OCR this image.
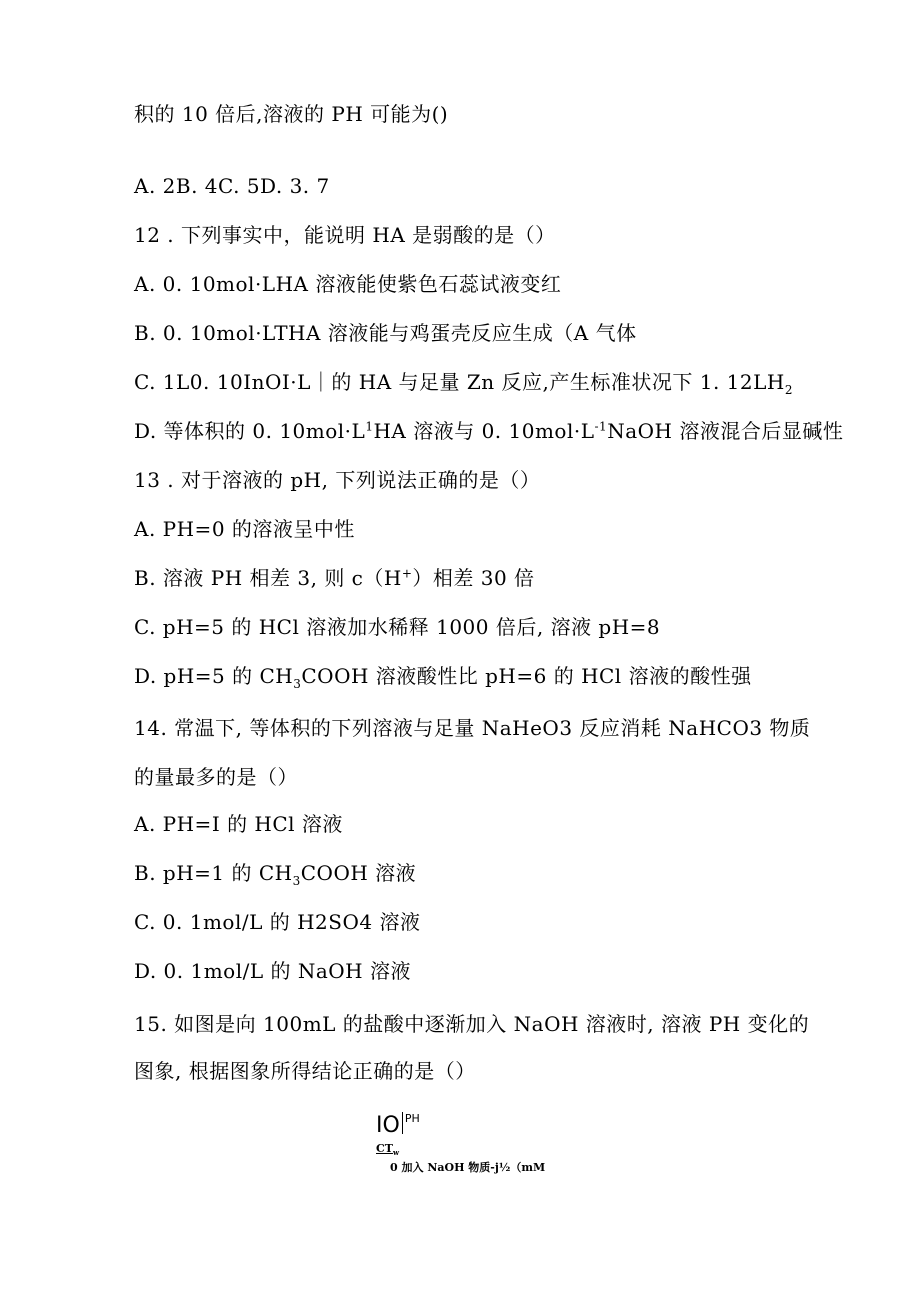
积的 10 倍后,溶液的 PH 可能为()
A. 2B. 4C. 5D. 3. 7
12 . 下列事实中，能说明 HA 是弱酸的是（）
A. 0. 10mol·LHA 溶液能使紫色石蕊试液变红
B. 0. 10mol·LTHA 溶液能与鸡蛋壳反应生成（A 气体
C. 1L0. 10InOI·L｜的 HA 与足量 Zn 反应,产生标准状况下 1. $12LH_2$
D. 等体积的 0. $10mol\cdot L^1HA$ 溶液与 0. $10mol\cdot L^{-1}NaOH$ 溶液混合后显碱性
13 . 对于溶液的 pH, 下列说法正确的是（）
A. PH=0 的溶液呈中性
B. 溶液 PH 相差 3, 则 c（H+）相差 30 倍
C. pH=5 的 HCl 溶液加水稀释 1000 倍后, 溶液 pH=8
D. pH=5 的 $CH_3COOH$ 溶液酸性比 pH=6 的 HCl 溶液的酸性强
14. 常温下, 等体积的下列溶液与足量 NaHeO3 反应消耗 NaHCO3 物质
的量最多的是（）
A. PH=I 的 HCl 溶液
B. pH=1 的 $CH_3COOH$ 溶液
C. 0. 1mol/L 的 H2SO4 溶液
D. 0. 1mol/L 的 NaOH 溶液
15. 如图是向 100mL 的盐酸中逐渐加入 NaOH 溶液时, 溶液 PH 变化的
图象, 根据图象所得结论正确的是（）
IO $^{PH}$
$CT_w$
0 加入 NaOH 物质-j½（mM
